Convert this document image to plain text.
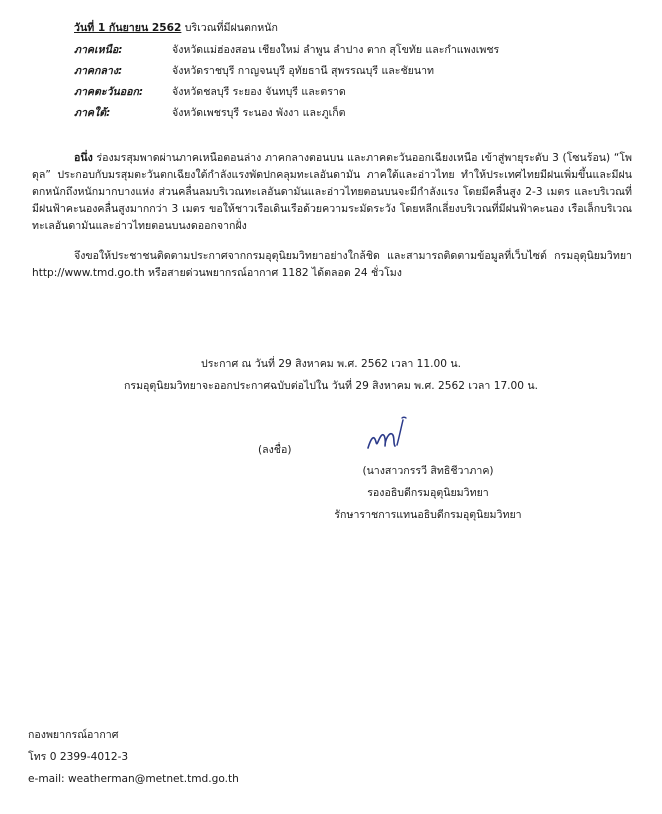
วันที่ 1 กันยายน 2562 บริเวณที่มีฝนตกหนัก
ภาคเหนือ:	จังหวัดแม่ฮ่องสอน เชียงใหม่ ลำพูน ลำปาง ตาก สุโขทัย และกำแพงเพชร
ภาคกลาง:	จังหวัดราชบุรี กาญจนบุรี อุทัยธานี สุพรรณบุรี และชัยนาท
ภาคตะวันออก:	จังหวัดชลบุรี ระยอง จันทบุรี และตราด
ภาคใต้:	จังหวัดเพชรบุรี ระนอง พังงา และภูเก็ต
อนึ่ง ร่องมรสุมพาดผ่านภาคเหนือตอนล่าง ภาคกลางตอนบน และภาคตะวันออกเฉียงเหนือ เข้าสู่พายุระดับ 3 (โซนร้อน) “โพดุล” ประกอบกับมรสุมตะวันตกเฉียงใต้กำลังแรงพัดปกคลุมทะเลอันดามัน ภาคใต้และอ่าวไทย ทำให้ประเทศไทยมีฝนเพิ่มขึ้นและมีฝนตกหนักถึงหนักมากบางแห่ง ส่วนคลื่นลมบริเวณทะเลอันดามันและอ่าวไทยตอนบนจะมีกำลังแรง โดยมีคลื่นสูง 2-3 เมตร และบริเวณที่มีฝนฟ้าคะนองคลื่นสูงมากกว่า 3 เมตร ขอให้ชาวเรือเดินเรือด้วยความระมัดระวัง โดยหลีกเลี่ยงบริเวณที่มีฝนฟ้าคะนอง เรือเล็กบริเวณทะเลอันดามันและอ่าวไทยตอนบนงดออกจากฝั่ง
จึงขอให้ประชาชนติดตามประกาศจากกรมอุตุนิยมวิทยาอย่างใกล้ชิด และสามารถติดตามข้อมูลที่เว็บไซต์ กรมอุตุนิยมวิทยา http://www.tmd.go.th หรือสายด่วนพยากรณ์อากาศ 1182 ได้ตลอด 24 ชั่วโมง
ประกาศ ณ วันที่ 29 สิงหาคม พ.ศ. 2562 เวลา 11.00 น.
กรมอุตุนิยมวิทยาจะออกประกาศฉบับต่อไปใน วันที่ 29 สิงหาคม พ.ศ. 2562 เวลา 17.00 น.
(ลงชื่อ)
(นางสาวกรรวี สิทธิชีวาภาค)
รองอธิบดีกรมอุตุนิยมวิทยา
รักษาราชการแทนอธิบดีกรมอุตุนิยมวิทยา
กองพยากรณ์อากาศ
โทร 0 2399-4012-3
e-mail: weatherman@metnet.tmd.go.th
